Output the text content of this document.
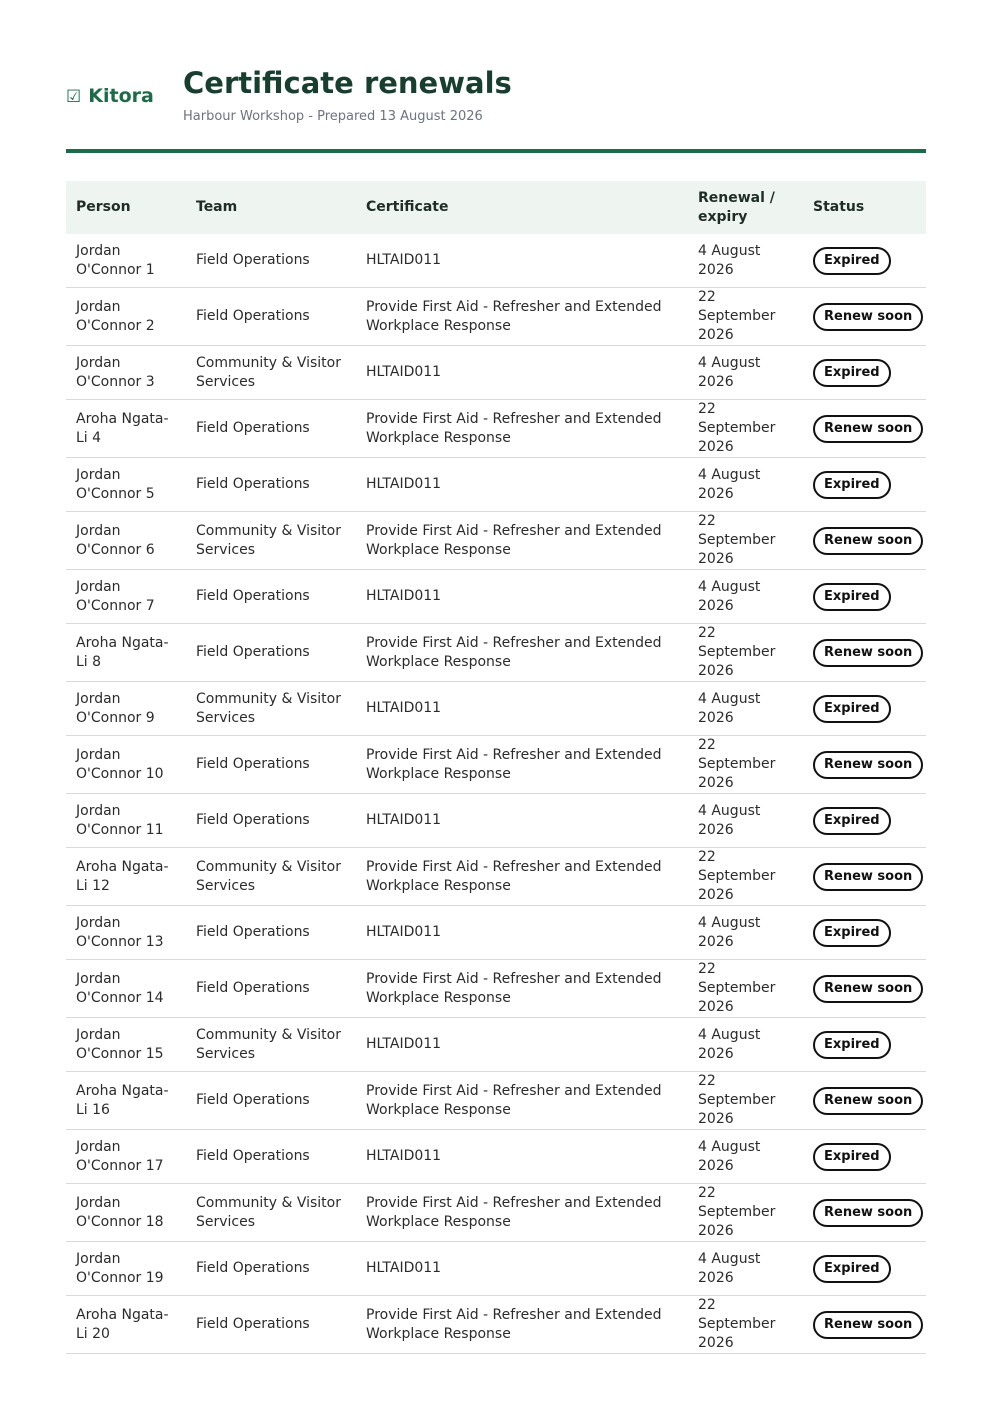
☑ Kitora Certificate renewals
Harbour Workshop - Prepared 13 August 2026
Person	Team	Certificate	Renewal / expiry	Status
Jordan O'Connor 1	Field Operations	HLTAID011	4 August 2026	Expired
Jordan O'Connor 2	Field Operations	Provide First Aid - Refresher and Extended Workplace Response	22 September 2026	Renew soon
Jordan O'Connor 3	Community & Visitor Services	HLTAID011	4 August 2026	Expired
Aroha Ngata-Li 4	Field Operations	Provide First Aid - Refresher and Extended Workplace Response	22 September 2026	Renew soon
Jordan O'Connor 5	Field Operations	HLTAID011	4 August 2026	Expired
Jordan O'Connor 6	Community & Visitor Services	Provide First Aid - Refresher and Extended Workplace Response	22 September 2026	Renew soon
Jordan O'Connor 7	Field Operations	HLTAID011	4 August 2026	Expired
Aroha Ngata-Li 8	Field Operations	Provide First Aid - Refresher and Extended Workplace Response	22 September 2026	Renew soon
Jordan O'Connor 9	Community & Visitor Services	HLTAID011	4 August 2026	Expired
Jordan O'Connor 10	Field Operations	Provide First Aid - Refresher and Extended Workplace Response	22 September 2026	Renew soon
Jordan O'Connor 11	Field Operations	HLTAID011	4 August 2026	Expired
Aroha Ngata-Li 12	Community & Visitor Services	Provide First Aid - Refresher and Extended Workplace Response	22 September 2026	Renew soon
Jordan O'Connor 13	Field Operations	HLTAID011	4 August 2026	Expired
Jordan O'Connor 14	Field Operations	Provide First Aid - Refresher and Extended Workplace Response	22 September 2026	Renew soon
Jordan O'Connor 15	Community & Visitor Services	HLTAID011	4 August 2026	Expired
Aroha Ngata-Li 16	Field Operations	Provide First Aid - Refresher and Extended Workplace Response	22 September 2026	Renew soon
Jordan O'Connor 17	Field Operations	HLTAID011	4 August 2026	Expired
Jordan O'Connor 18	Community & Visitor Services	Provide First Aid - Refresher and Extended Workplace Response	22 September 2026	Renew soon
Jordan O'Connor 19	Field Operations	HLTAID011	4 August 2026	Expired
Aroha Ngata-Li 20	Field Operations	Provide First Aid - Refresher and Extended Workplace Response	22 September 2026	Renew soon
